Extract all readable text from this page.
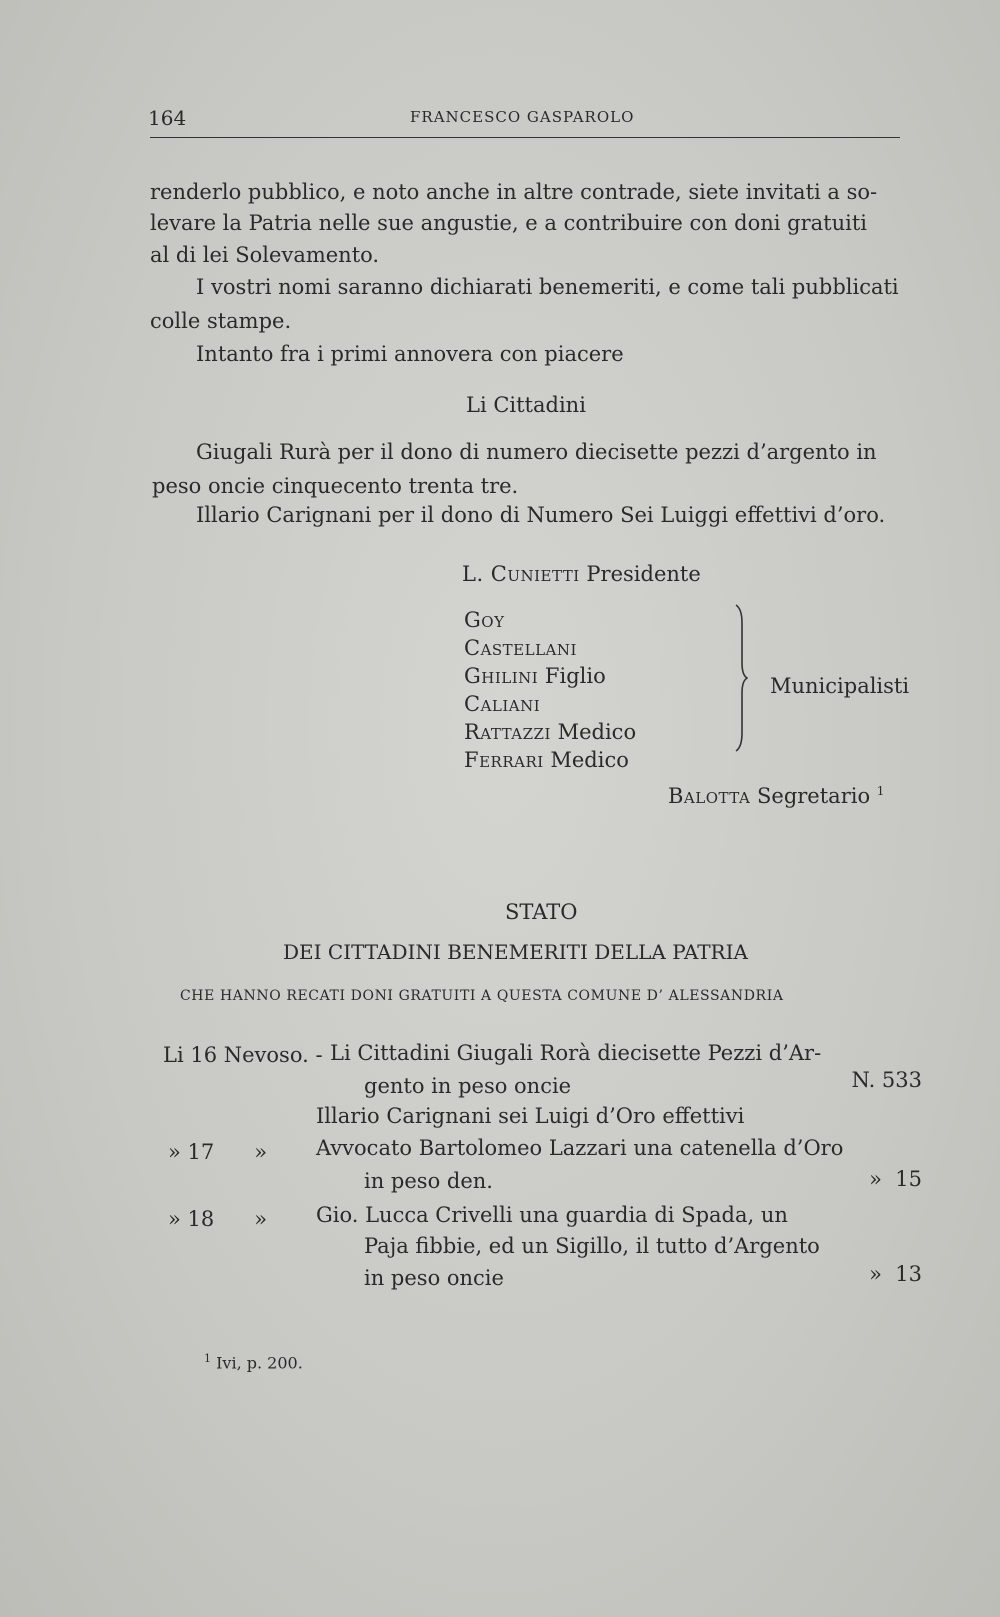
164	FRANCESCO GASPAROLO
renderlo pubblico, e noto anche in altre contrade, siete invitati a so-
levare la Patria nelle sue angustie, e a contribuire con doni gratuiti
al di lei Solevamento.
I vostri nomi saranno dichiarati benemeriti, e come tali pubblicati
colle stampe.
Intanto fra i primi annovera con piacere
Li Cittadini
Giugali Rurà per il dono di numero diecisette pezzi d’argento in
peso oncie cinquecento trenta tre.
Illario Carignani per il dono di Numero Sei Luiggi effettivi d’oro.
L. Cunietti Presidente
Goy
Castellani
Ghilini Figlio
Caliani
Rattazzi Medico
Ferrari Medico
Municipalisti
Balotta Segretario $^1$
STATO
DEI CITTADINI BENEMERITI DELLA PATRIA
CHE HANNO RECATI DONI GRATUITI A QUESTA COMUNE D’ ALESSANDRIA
Li 16 Nevoso. - Li Cittadini Giugali Rorà diecisette Pezzi d’Ar-
gento in peso oncie	N. 533
Illario Carignani sei Luigi d’Oro effettivi
» 17      » Avvocato Bartolomeo Lazzari una catenella d’Oro
in peso den.	»  15
» 18      » Gio. Lucca Crivelli una guardia di Spada, un
Paja fibbie, ed un Sigillo, il tutto d’Argento
in peso oncie	»  13
$^1$ Ivi, p. 200.
